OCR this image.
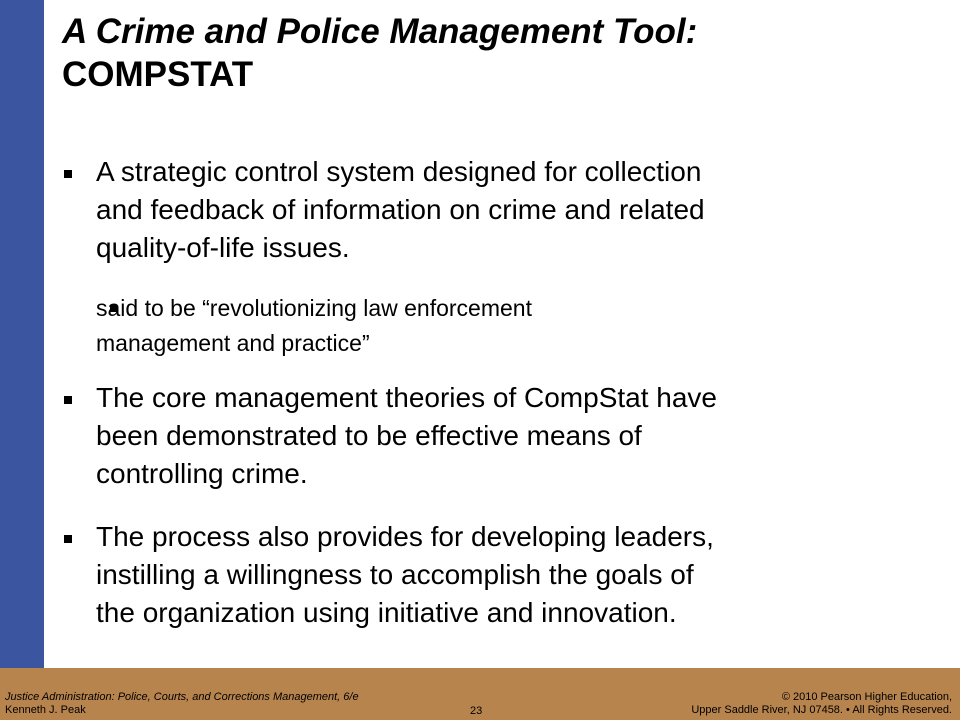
A Crime and Police Management Tool:
COMPSTAT

A strategic control system designed for collection
and feedback of information on crime and related
quality-of-life issues.

said to be “revolutionizing law enforcement
management and practice”

The core management theories of CompStat have
been demonstrated to be effective means of
controlling crime.

The process also provides for developing leaders,
instilling a willingness to accomplish the goals of
the organization using initiative and innovation.

Justice Administration: Police, Courts, and Corrections Management, 6/e
Kenneth J. Peak	23
© 2010 Pearson Higher Education,
Upper Saddle River, NJ 07458. • All Rights Reserved.
